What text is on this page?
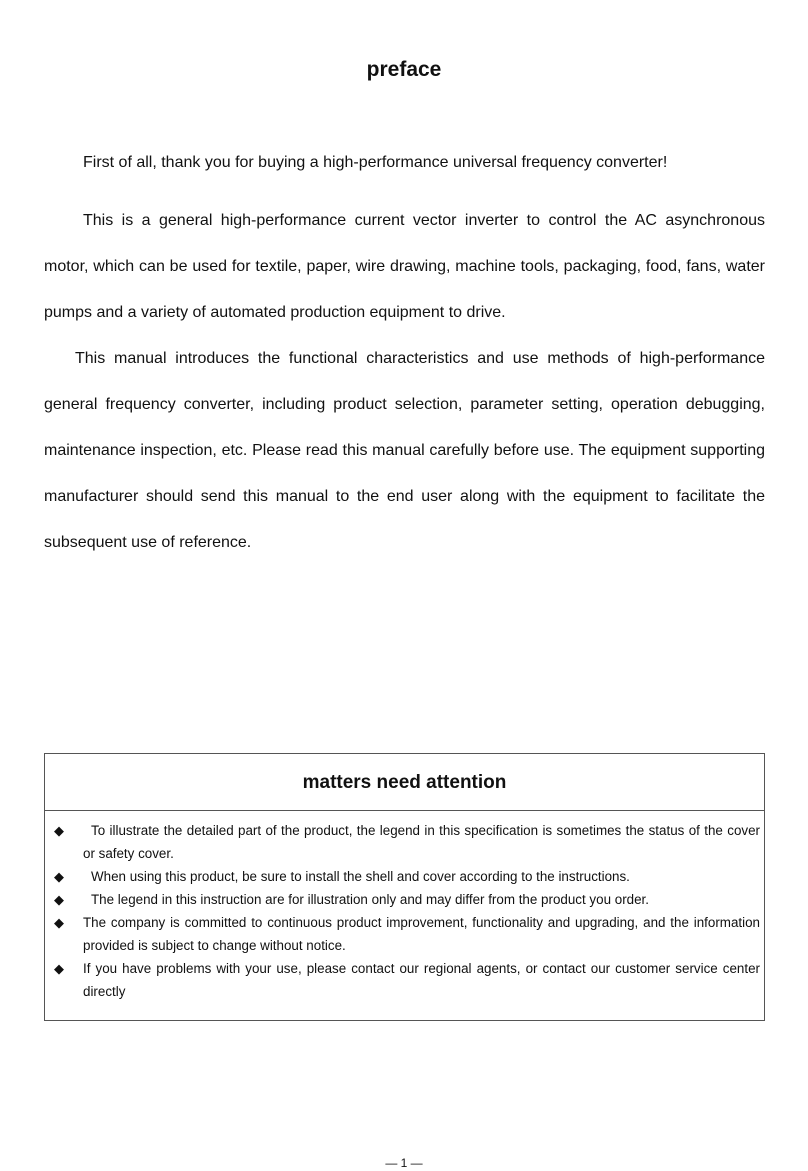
preface

First of all, thank you for buying a high-performance universal frequency converter!

This is a general high-performance current vector inverter to control the AC asynchronous motor, which can be used for textile, paper, wire drawing, machine tools, packaging, food, fans, water pumps and a variety of automated production equipment to drive.

This manual introduces the functional characteristics and use methods of high-performance general frequency converter, including product selection, parameter setting, operation debugging, maintenance inspection, etc. Please read this manual carefully before use. The equipment supporting manufacturer should send this manual to the end user along with the equipment to facilitate the subsequent use of reference.

matters need attention
◆	To illustrate the detailed part of the product, the legend in this specification is sometimes the status of the cover or safety cover.
◆	When using this product, be sure to install the shell and cover according to the instructions.
◆	The legend in this instruction are for illustration only and may differ from the product you order.
◆ The company is committed to continuous product improvement, functionality and upgrading, and the information provided is subject to change without notice.
◆ If you have problems with your use, please contact our regional agents, or contact our customer service center directly
— 1 —
